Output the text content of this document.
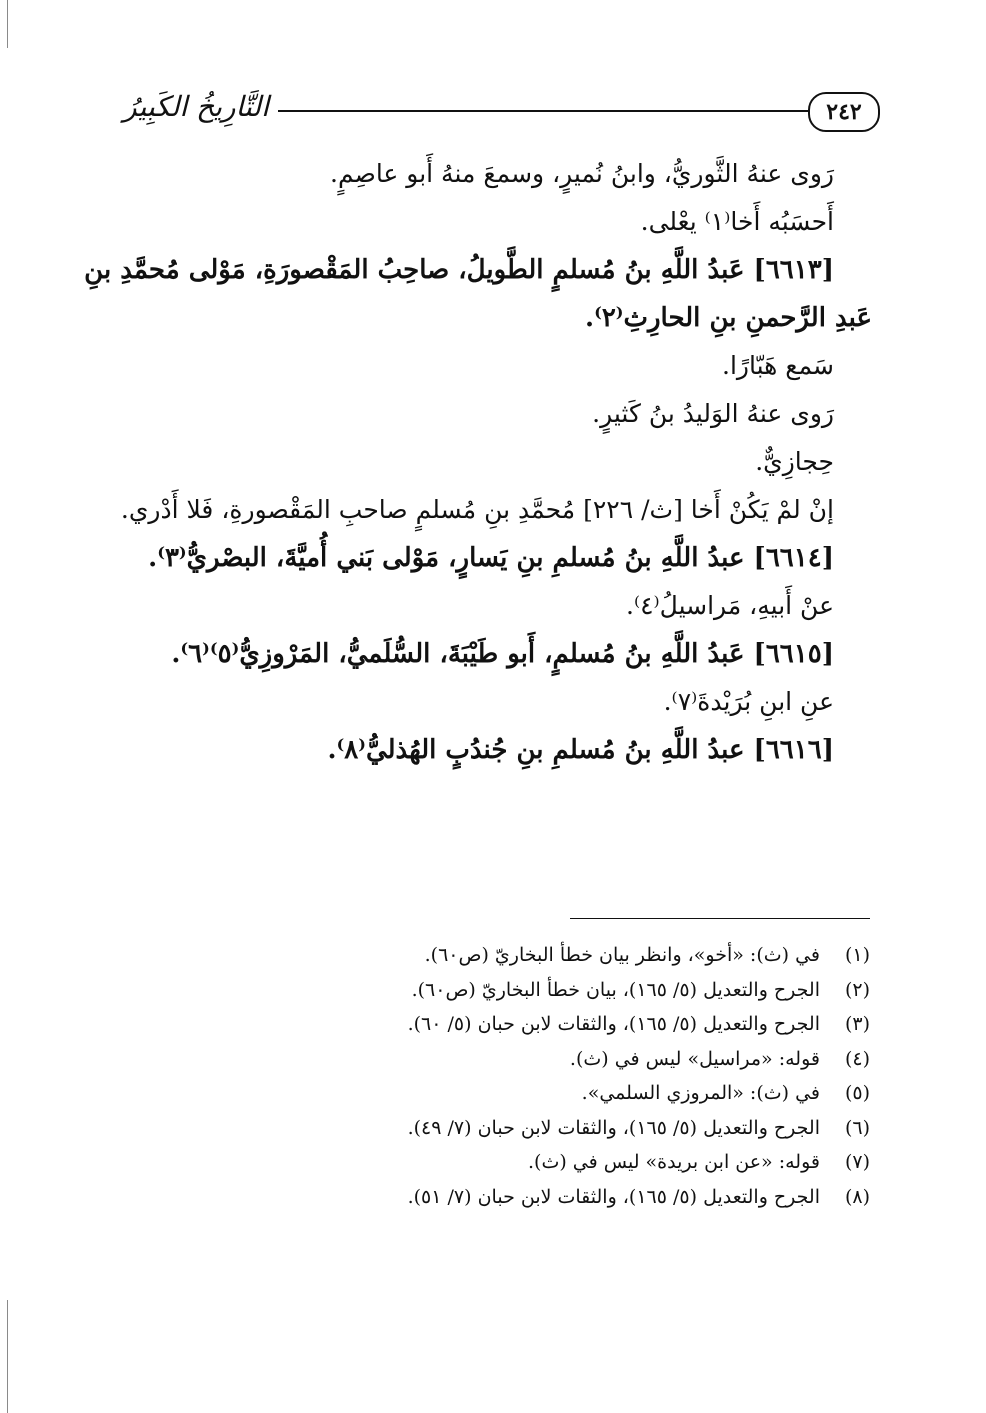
التَّارِيخُ الكَبِيرُ	٢٤٢
رَوى عنهُ الثَّوريُّ، وابنُ نُميرٍ، وسمعَ منهُ أَبو عاصِمٍ.
أَحسَبُه أَخا⁽١⁾ يعْلى.
[٦٦١٣] عَبدُ اللَّهِ بنُ مُسلمٍ الطَّويلُ، صاحِبُ المَقْصورَةِ، مَوْلى مُحمَّدِ بنِ
عَبدِ الرَّحمنِ بنِ الحارِثِ⁽٢⁾.
سَمع هَبّارًا.
رَوى عنهُ الوَليدُ بنُ كَثيرٍ.
حِجازِيٌّ.
إنْ لمْ يَكُنْ أَخا [ث/ ٢٢٦] مُحمَّدِ بنِ مُسلمٍ صاحبِ المَقْصورةِ، فَلا أَدْري.
[٦٦١٤] عبدُ اللَّهِ بنُ مُسلمِ بنِ يَسارٍ، مَوْلى بَني أُميَّةَ، البصْريُّ⁽٣⁾.
عنْ أَبيهِ، مَراسيلُ⁽٤⁾.
[٦٦١٥] عَبدُ اللَّهِ بنُ مُسلمٍ، أَبو طَيْبَةَ، السُّلَميُّ، المَرْوزِيُّ⁽٥⁾⁽٦⁾.
عنِ ابنِ بُرَيْدةَ⁽٧⁾.
[٦٦١٦] عبدُ اللَّهِ بنُ مُسلمِ بنِ جُندُبٍ الهُذليُّ⁽٨⁾.
(١)في (ث): «أخو»، وانظر بيان خطأ البخاريّ (ص٦٠).
(٢)الجرح والتعديل (٥/ ١٦٥)، بيان خطأ البخاريّ (ص٦٠).
(٣)الجرح والتعديل (٥/ ١٦٥)، والثقات لابن حبان (٥/ ٦٠).
(٤)قوله: «مراسيل» ليس في (ث).
(٥)في (ث): «المروزي السلمي».
(٦)الجرح والتعديل (٥/ ١٦٥)، والثقات لابن حبان (٧/ ٤٩).
(٧)قوله: «عن ابن بريدة» ليس في (ث).
(٨)الجرح والتعديل (٥/ ١٦٥)، والثقات لابن حبان (٧/ ٥١).
